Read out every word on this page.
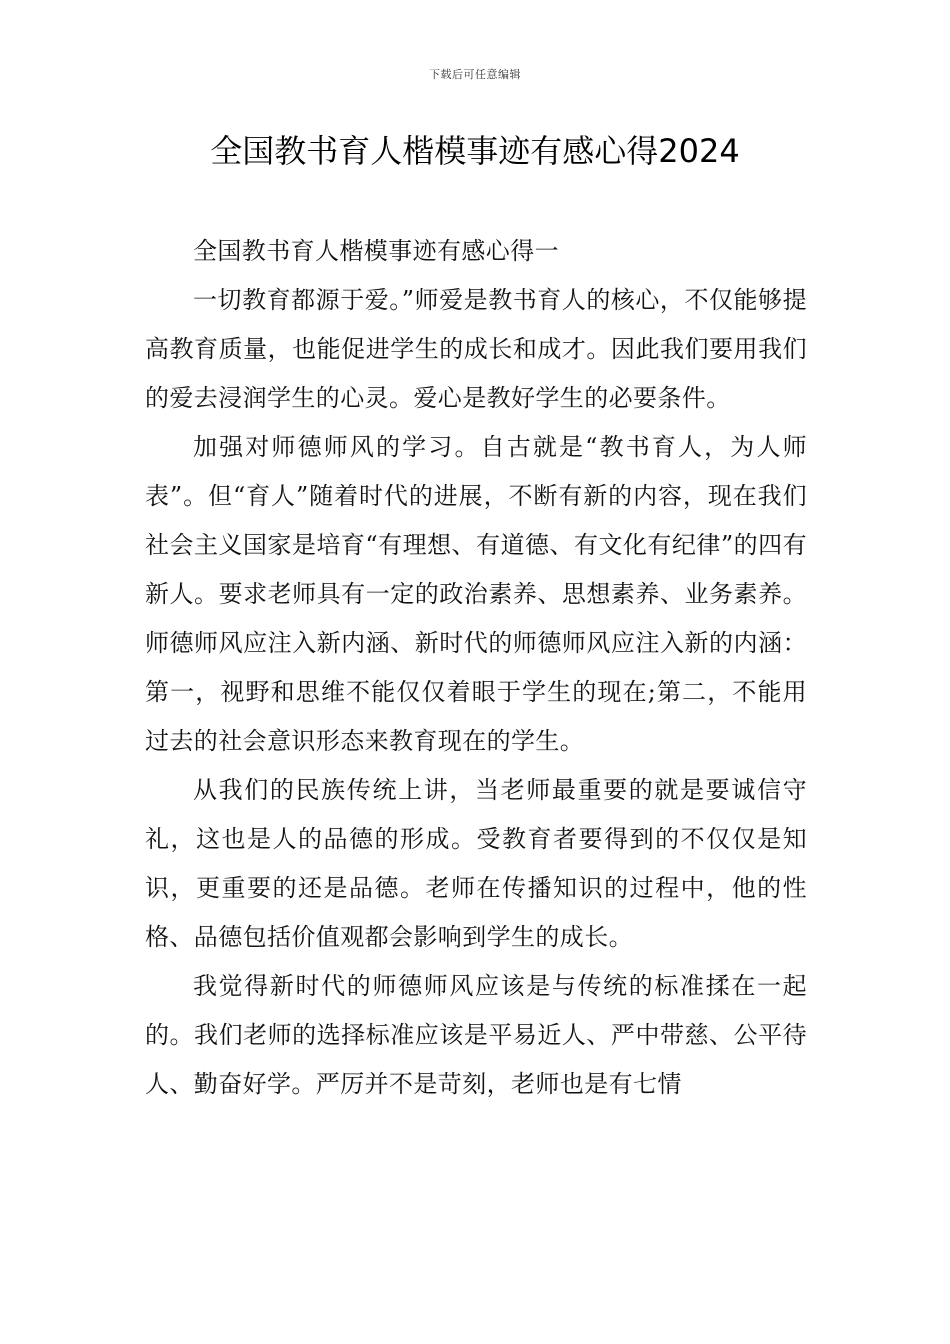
下载后可任意编辑
全国教书育人楷模事迹有感心得2024

全国教书育人楷模事迹有感心得一

一切教育都源于爱。”师爱是教书育人的核心，不仅能够提高教育质量，也能促进学生的成长和成才。因此我们要用我们的爱去浸润学生的心灵。爱心是教好学生的必要条件。

加强对师德师风的学习。自古就是“教书育人，为人师表”。但“育人”随着时代的进展，不断有新的内容，现在我们社会主义国家是培育“有理想、有道德、有文化有纪律”的四有新人。要求老师具有一定的政治素养、思想素养、业务素养。师德师风应注入新内涵、新时代的师德师风应注入新的内涵：第一，视野和思维不能仅仅着眼于学生的现在;第二，不能用过去的社会意识形态来教育现在的学生。

从我们的民族传统上讲，当老师最重要的就是要诚信守礼，这也是人的品德的形成。受教育者要得到的不仅仅是知识，更重要的还是品德。老师在传播知识的过程中，他的性格、品德包括价值观都会影响到学生的成长。

我觉得新时代的师德师风应该是与传统的标准揉在一起的。我们老师的选择标准应该是平易近人、严中带慈、公平待人、勤奋好学。严厉并不是苛刻，老师也是有七情
